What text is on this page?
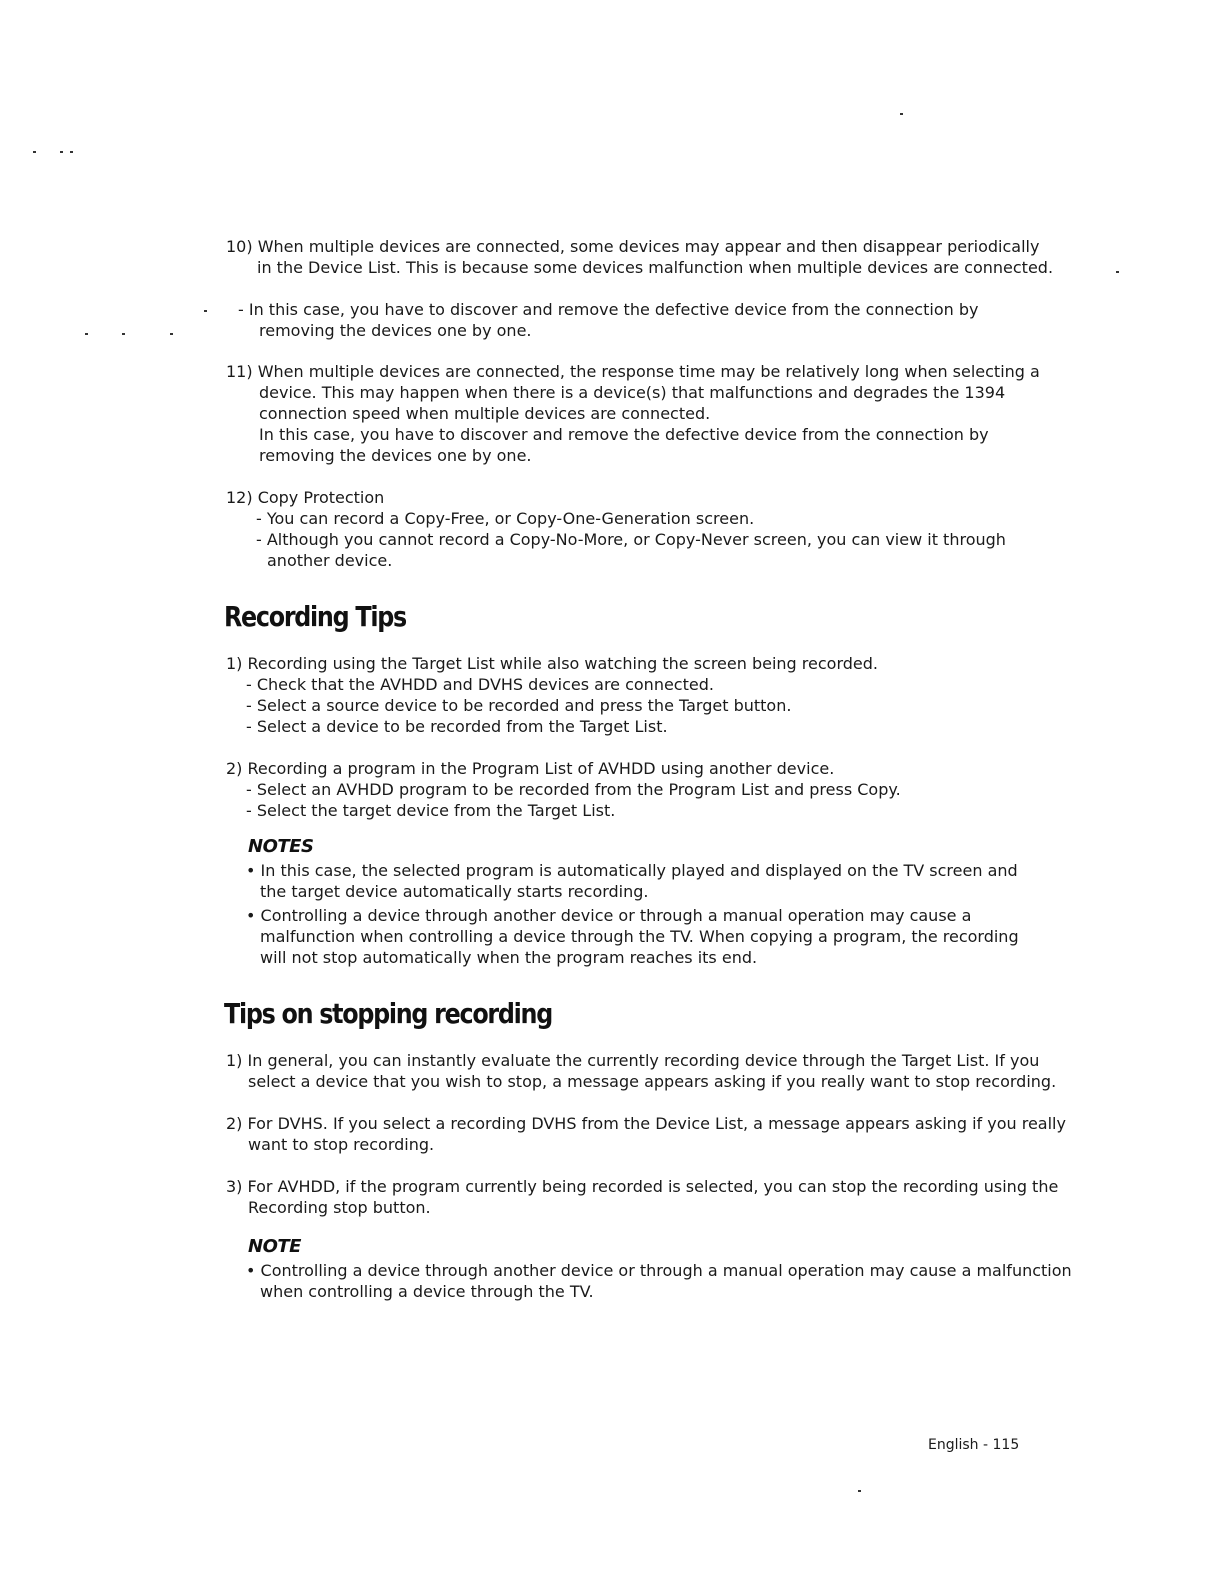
10) When multiple devices are connected, some devices may appear and then disappear periodically
in the Device List. This is because some devices malfunction when multiple devices are connected.
- In this case, you have to discover and remove the defective device from the connection by
removing the devices one by one.
11) When multiple devices are connected, the response time may be relatively long when selecting a
device. This may happen when there is a device(s) that malfunctions and degrades the 1394
connection speed when multiple devices are connected.
In this case, you have to discover and remove the defective device from the connection by
removing the devices one by one.
12) Copy Protection
- You can record a Copy-Free, or Copy-One-Generation screen.
- Although you cannot record a Copy-No-More, or Copy-Never screen, you can view it through
another device.
Recording Tips
1) Recording using the Target List while also watching the screen being recorded.
- Check that the AVHDD and DVHS devices are connected.
- Select a source device to be recorded and press the Target button.
- Select a device to be recorded from the Target List.
2) Recording a program in the Program List of AVHDD using another device.
- Select an AVHDD program to be recorded from the Program List and press Copy.
- Select the target device from the Target List.
NOTES
• In this case, the selected program is automatically played and displayed on the TV screen and
the target device automatically starts recording.
• Controlling a device through another device or through a manual operation may cause a
malfunction when controlling a device through the TV. When copying a program, the recording
will not stop automatically when the program reaches its end.
Tips on stopping recording
1) In general, you can instantly evaluate the currently recording device through the Target List. If you
select a device that you wish to stop, a message appears asking if you really want to stop recording.
2) For DVHS. If you select a recording DVHS from the Device List, a message appears asking if you really
want to stop recording.
3) For AVHDD, if the program currently being recorded is selected, you can stop the recording using the
Recording stop button.
NOTE
• Controlling a device through another device or through a manual operation may cause a malfunction
when controlling a device through the TV.
English - 115
